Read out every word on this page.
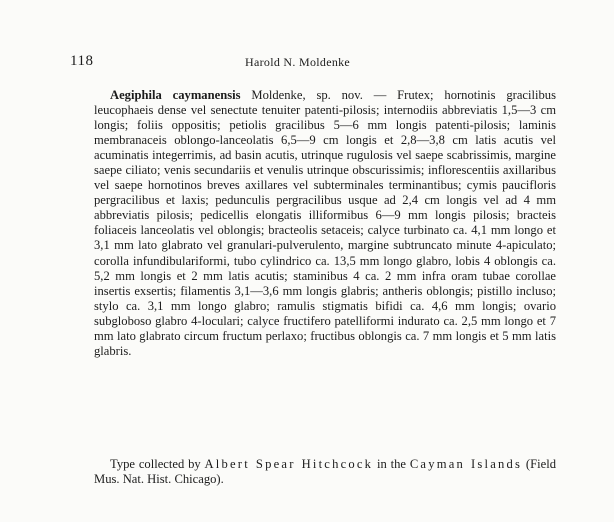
118	Harold N. Moldenke

Aegiphila caymanensis Moldenke, sp. nov. — Frutex; hornotinis gracilibus leucophaeis dense vel senectute tenuiter patenti-pilosis; internodiis abbreviatis 1,5—3 cm longis; foliis oppositis; petiolis gracilibus 5—6 mm longis patenti-pilosis; laminis membranaceis oblongo-lanceolatis 6,5—9 cm longis et 2,8—3,8 cm latis acutis vel acuminatis integerrimis, ad basin acutis, utrinque rugulosis vel saepe scabrissimis, margine saepe ciliato; venis secundariis et venulis utrinque obscurissimis; inflorescentiis axillaribus vel saepe hornotinos breves axillares vel subterminales terminantibus; cymis paucifloris pergracilibus et laxis; pedunculis pergracilibus usque ad 2,4 cm longis vel ad 4 mm abbreviatis pilosis; pedicellis elongatis illiformibus 6—9 mm longis pilosis; bracteis foliaceis lanceolatis vel oblongis; bracteolis setaceis; calyce turbinato ca. 4,1 mm longo et 3,1 mm lato glabrato vel granulari-pulverulento, margine subtruncato minute 4-apiculato; corolla infundibulariformi, tubo cylindrico ca. 13,5 mm longo glabro, lobis 4 oblongis ca. 5,2 mm longis et 2 mm latis acutis; staminibus 4 ca. 2 mm infra oram tubae corollae insertis exsertis; filamentis 3,1—3,6 mm longis glabris; antheris oblongis; pistillo incluso; stylo ca. 3,1 mm longo glabro; ramulis stigmatis bifidi ca. 4,6 mm longis; ovario subgloboso glabro 4-loculari; calyce fructifero patelliformi indurato ca. 2,5 mm longo et 7 mm lato glabrato circum fructum perlaxo; fructibus oblongis ca. 7 mm longis et 5 mm latis glabris.

Type collected by Albert Spear Hitchcock in the Cayman Islands (Field Mus. Nat. Hist. Chicago).
